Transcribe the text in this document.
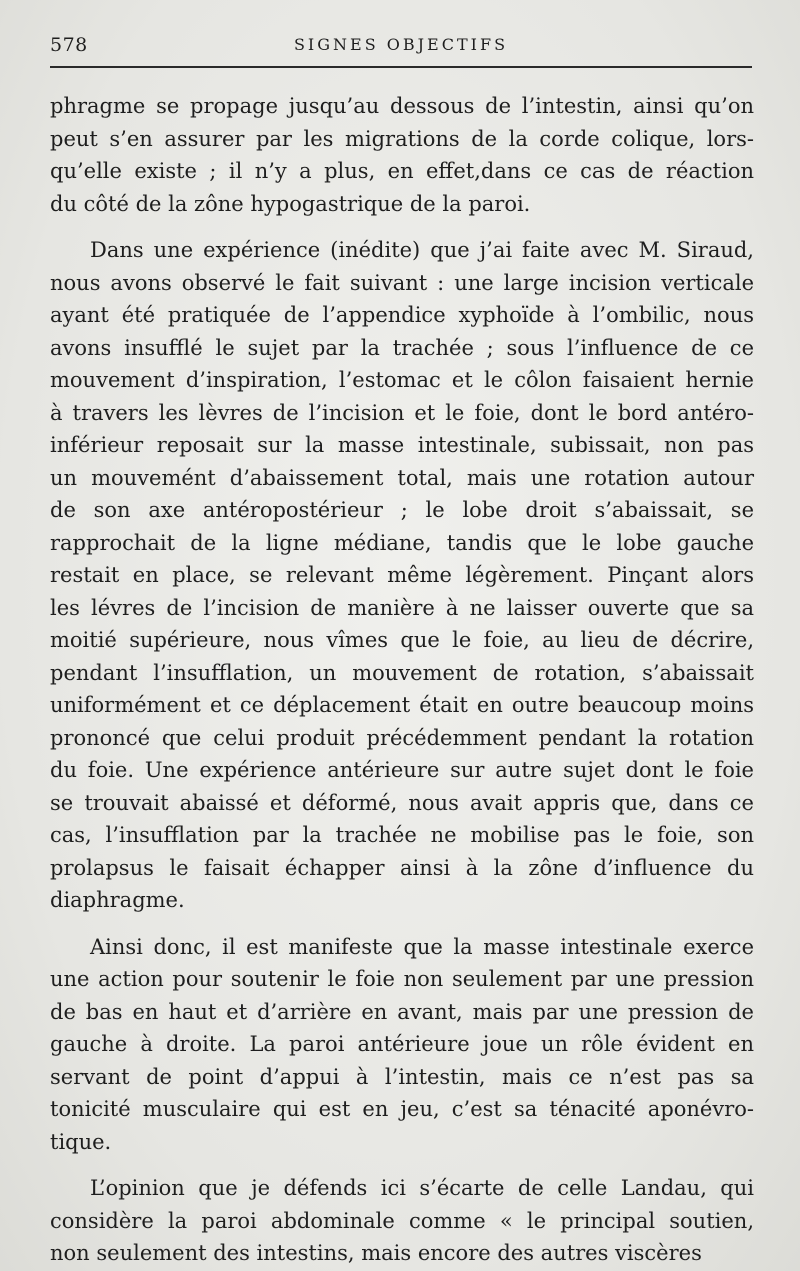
578	SIGNES OBJECTIFS
phragme se propage jusqu’au dessous de l’intestin, ainsi qu’on
peut s’en assurer par les migrations de la corde colique, lors-
qu’elle existe ; il n’y a plus, en effet,dans ce cas de réaction
du côté de la zône hypogastrique de la paroi.
Dans une expérience (inédite) que j’ai faite avec M. Siraud,
nous avons observé le fait suivant : une large incision verticale
ayant été pratiquée de l’appendice xyphoïde à l’ombilic, nous
avons insufflé le sujet par la trachée ; sous l’influence de ce
mouvement d’inspiration, l’estomac et le côlon faisaient hernie
à travers les lèvres de l’incision et le foie, dont le bord antéro-
inférieur reposait sur la masse intestinale, subissait, non pas
un mouvemént d’abaissement total, mais une rotation autour
de son axe antéropostérieur ; le lobe droit s’abaissait, se
rapprochait de la ligne médiane, tandis que le lobe gauche
restait en place, se relevant même légèrement. Pinçant alors
les lévres de l’incision de manière à ne laisser ouverte que sa
moitié supérieure, nous vîmes que le foie, au lieu de décrire,
pendant l’insufflation, un mouvement de rotation, s’abaissait
uniformément et ce déplacement était en outre beaucoup moins
prononcé que celui produit précédemment pendant la rotation
du foie. Une expérience antérieure sur autre sujet dont le foie
se trouvait abaissé et déformé, nous avait appris que, dans ce
cas, l’insufflation par la trachée ne mobilise pas le foie, son
prolapsus le faisait échapper ainsi à la zône d’influence du
diaphragme.
Ainsi donc, il est manifeste que la masse intestinale exerce
une action pour soutenir le foie non seulement par une pression
de bas en haut et d’arrière en avant, mais par une pression de
gauche à droite. La paroi antérieure joue un rôle évident en
servant de point d’appui à l’intestin, mais ce n’est pas sa
tonicité musculaire qui est en jeu, c’est sa ténacité aponévro-
tique.
L’opinion que je défends ici s’écarte de celle Landau, qui
considère la paroi abdominale comme « le principal soutien,
non seulement des intestins, mais encore des autres viscères
